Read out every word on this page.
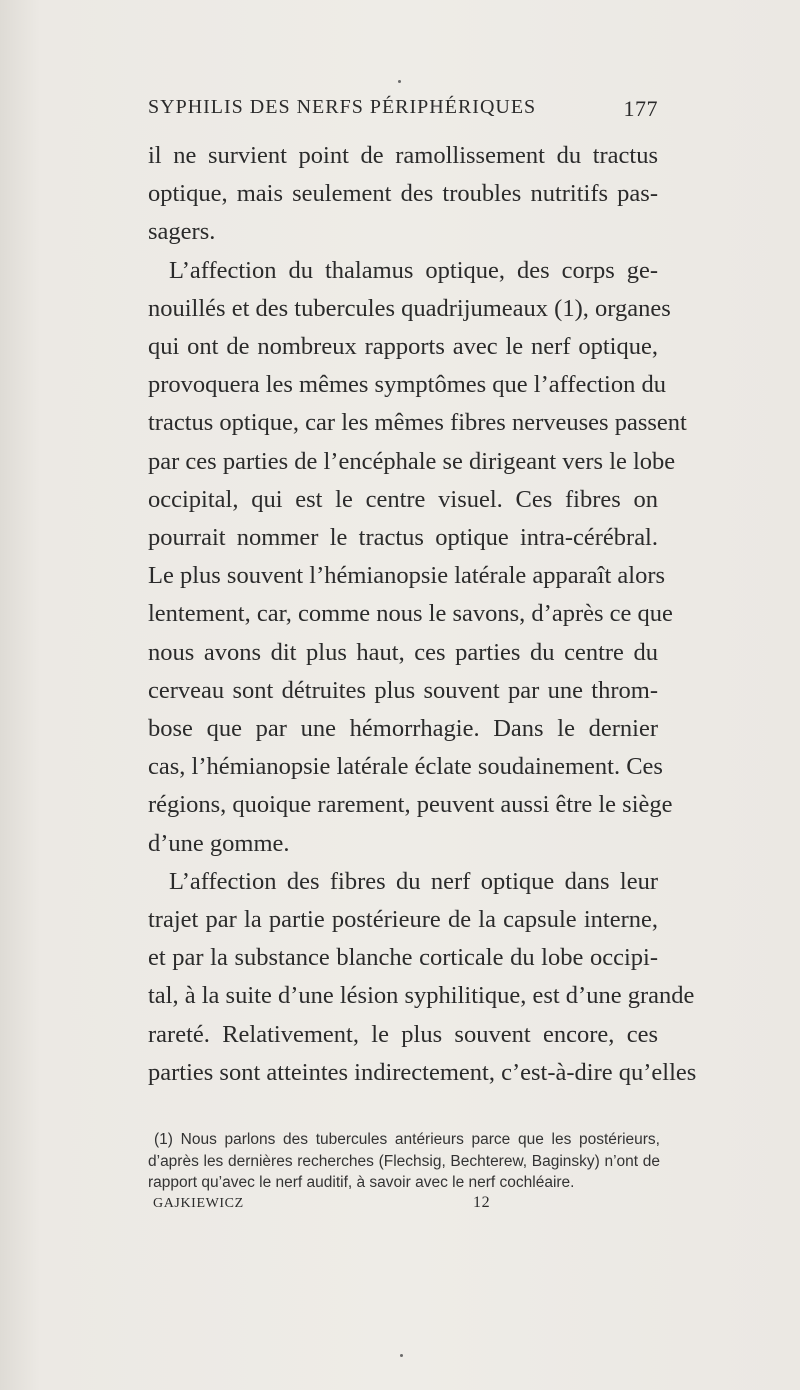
SYPHILIS DES NERFS PÉRIPHÉRIQUES	177
il ne survient point de ramollissement du tractus
optique, mais seulement des troubles nutritifs pas-
sagers.
L’affection du thalamus optique, des corps ge-
nouillés et des tubercules quadrijumeaux (1), organes
qui ont de nombreux rapports avec le nerf optique,
provoquera les mêmes symptômes que l’affection du
tractus optique, car les mêmes fibres nerveuses passent
par ces parties de l’encéphale se dirigeant vers le lobe
occipital, qui est le centre visuel. Ces fibres on
pourrait nommer le tractus optique intra-cérébral.
Le plus souvent l’hémianopsie latérale apparaît alors
lentement, car, comme nous le savons, d’après ce que
nous avons dit plus haut, ces parties du centre du
cerveau sont détruites plus souvent par une throm-
bose que par une hémorrhagie. Dans le dernier
cas, l’hémianopsie latérale éclate soudainement. Ces
régions, quoique rarement, peuvent aussi être le siège
d’une gomme.
L’affection des fibres du nerf optique dans leur
trajet par la partie postérieure de la capsule interne,
et par la substance blanche corticale du lobe occipi-
tal, à la suite d’une lésion syphilitique, est d’une grande
rareté. Relativement, le plus souvent encore, ces
parties sont atteintes indirectement, c’est-à-dire qu’elles
(1) Nous parlons des tubercules antérieurs parce que les postérieurs,
d’après les dernières recherches (Flechsig, Bechterew, Baginsky) n’ont de
rapport qu’avec le nerf auditif, à savoir avec le nerf cochléaire.
GAJKIEWICZ	12
